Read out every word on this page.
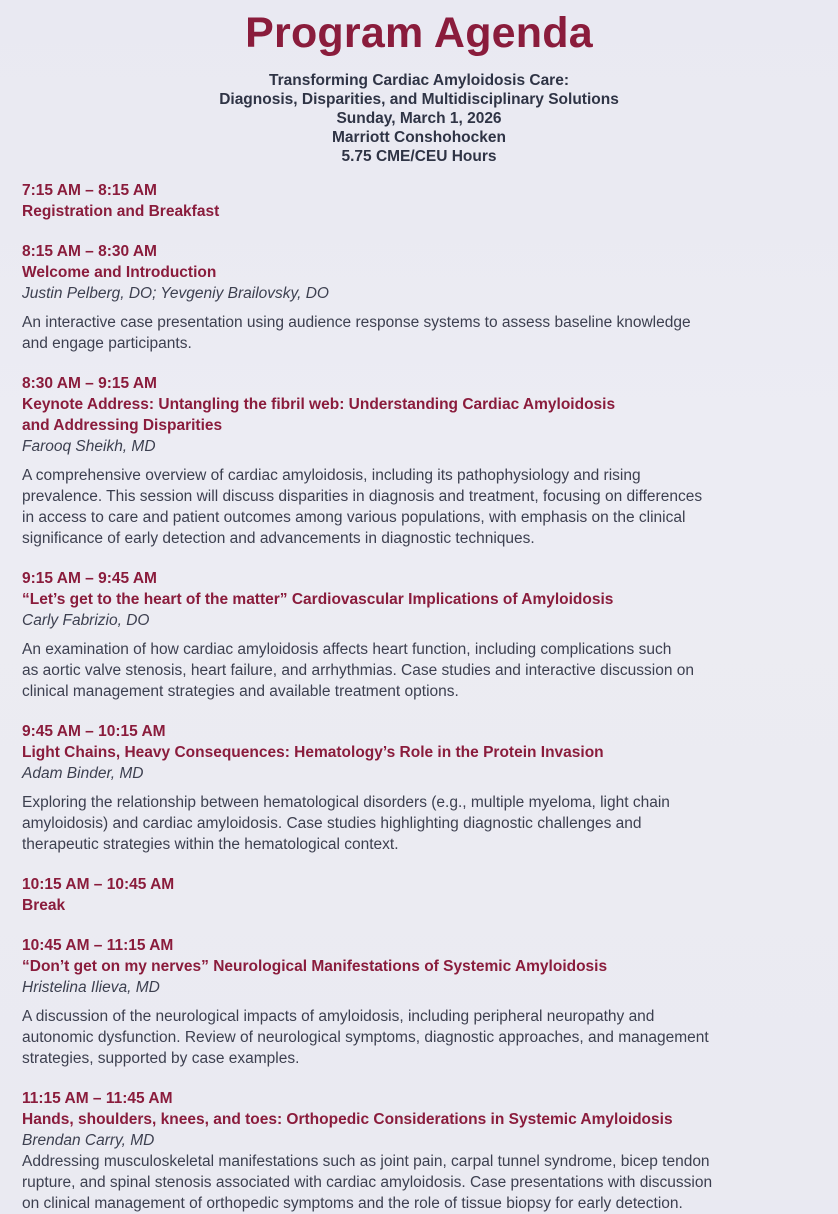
Program Agenda
Transforming Cardiac Amyloidosis Care:
Diagnosis, Disparities, and Multidisciplinary Solutions
Sunday, March 1, 2026
Marriott Conshohocken
5.75 CME/CEU Hours
7:15 AM – 8:15 AM
Registration and Breakfast
8:15 AM – 8:30 AM
Welcome and Introduction
Justin Pelberg, DO; Yevgeniy Brailovsky, DO
An interactive case presentation using audience response systems to assess baseline knowledge
and engage participants.
8:30 AM – 9:15 AM
Keynote Address: Untangling the fibril web: Understanding Cardiac Amyloidosis
and Addressing Disparities
Farooq Sheikh, MD
A comprehensive overview of cardiac amyloidosis, including its pathophysiology and rising
prevalence. This session will discuss disparities in diagnosis and treatment, focusing on differences
in access to care and patient outcomes among various populations, with emphasis on the clinical
significance of early detection and advancements in diagnostic techniques.
9:15 AM – 9:45 AM
“Let’s get to the heart of the matter” Cardiovascular Implications of Amyloidosis
Carly Fabrizio, DO
An examination of how cardiac amyloidosis affects heart function, including complications such
as aortic valve stenosis, heart failure, and arrhythmias. Case studies and interactive discussion on
clinical management strategies and available treatment options.
9:45 AM – 10:15 AM
Light Chains, Heavy Consequences: Hematology’s Role in the Protein Invasion
Adam Binder, MD
Exploring the relationship between hematological disorders (e.g., multiple myeloma, light chain
amyloidosis) and cardiac amyloidosis. Case studies highlighting diagnostic challenges and
therapeutic strategies within the hematological context.
10:15 AM – 10:45 AM
Break
10:45 AM – 11:15 AM
“Don’t get on my nerves” Neurological Manifestations of Systemic Amyloidosis
Hristelina Ilieva, MD
A discussion of the neurological impacts of amyloidosis, including peripheral neuropathy and
autonomic dysfunction. Review of neurological symptoms, diagnostic approaches, and management
strategies, supported by case examples.
11:15 AM – 11:45 AM
Hands, shoulders, knees, and toes: Orthopedic Considerations in Systemic Amyloidosis
Brendan Carry, MD
Addressing musculoskeletal manifestations such as joint pain, carpal tunnel syndrome, bicep tendon
rupture, and spinal stenosis associated with cardiac amyloidosis. Case presentations with discussion
on clinical management of orthopedic symptoms and the role of tissue biopsy for early detection.
